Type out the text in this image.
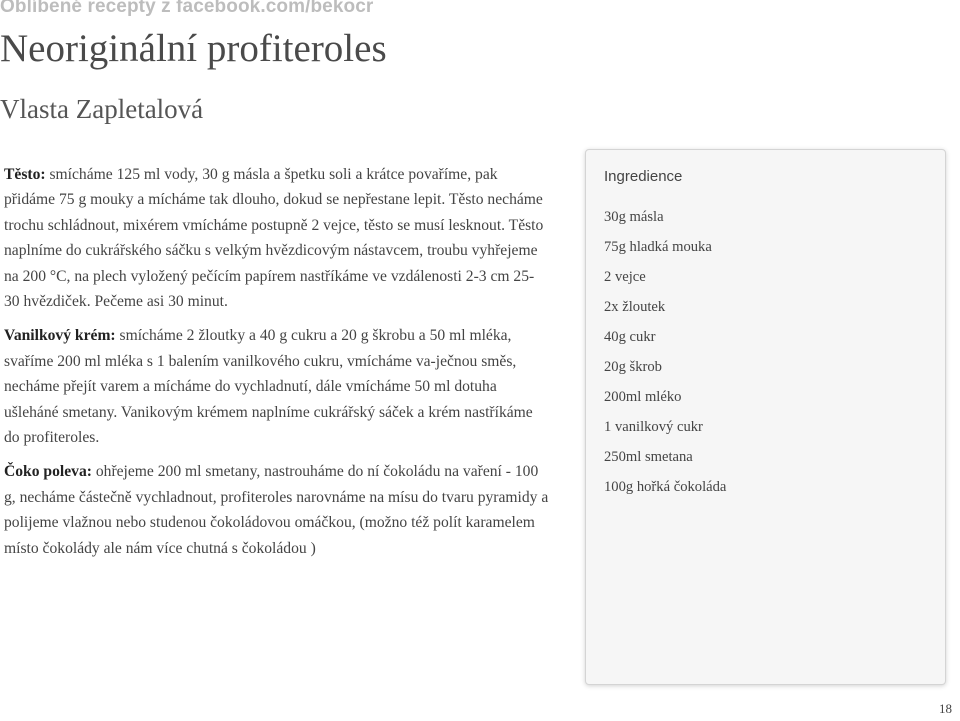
Oblíbené recepty z facebook.com/bekocr
Neoriginální profiteroles
Vlasta Zapletalová

Těsto: smícháme 125 ml vody, 30 g másla a špetku soli a krátce povaříme, pak přidáme 75 g mouky a mícháme tak dlouho, dokud se nepřestane lepit. Těsto necháme trochu schládnout, mixérem vmícháme postupně 2 vejce, těsto se musí lesknout. Těsto naplníme do cukrářského sáčku s velkým hvězdicovým nástavcem, troubu vyhřejeme na 200 °C, na plech vyložený pečícím papírem nastříkáme ve vzdálenosti 2-3 cm 25-30 hvězdiček. Pečeme asi 30 minut.

Vanilkový krém: smícháme 2 žloutky a 40 g cukru a 20 g škrobu a 50 ml mléka, svaříme 200 ml mléka s 1 balením vanilkového cukru, vmícháme va-ječnou směs, necháme přejít varem a mícháme do vychladnutí, dále vmícháme 50 ml dotuha ušleháné smetany. Vanikovým krémem naplníme cukrářský sáček a krém nastříkáme do profiteroles.

Čoko poleva: ohřejeme 200 ml smetany, nastrouháme do ní čokoládu na vaření - 100 g, necháme částečně vychladnout, profiteroles narovnáme na mísu do tvaru pyramidy a polijeme vlažnou nebo studenou čokoládovou omáčkou, (možno též polít karamelem místo čokolády ale nám více chutná s čokoládou )

Ingredience
30g másla
75g hladká mouka
2 vejce
2x žloutek
40g cukr
20g škrob
200ml mléko
1 vanilkový cukr
250ml smetana
100g hořká čokoláda
18
